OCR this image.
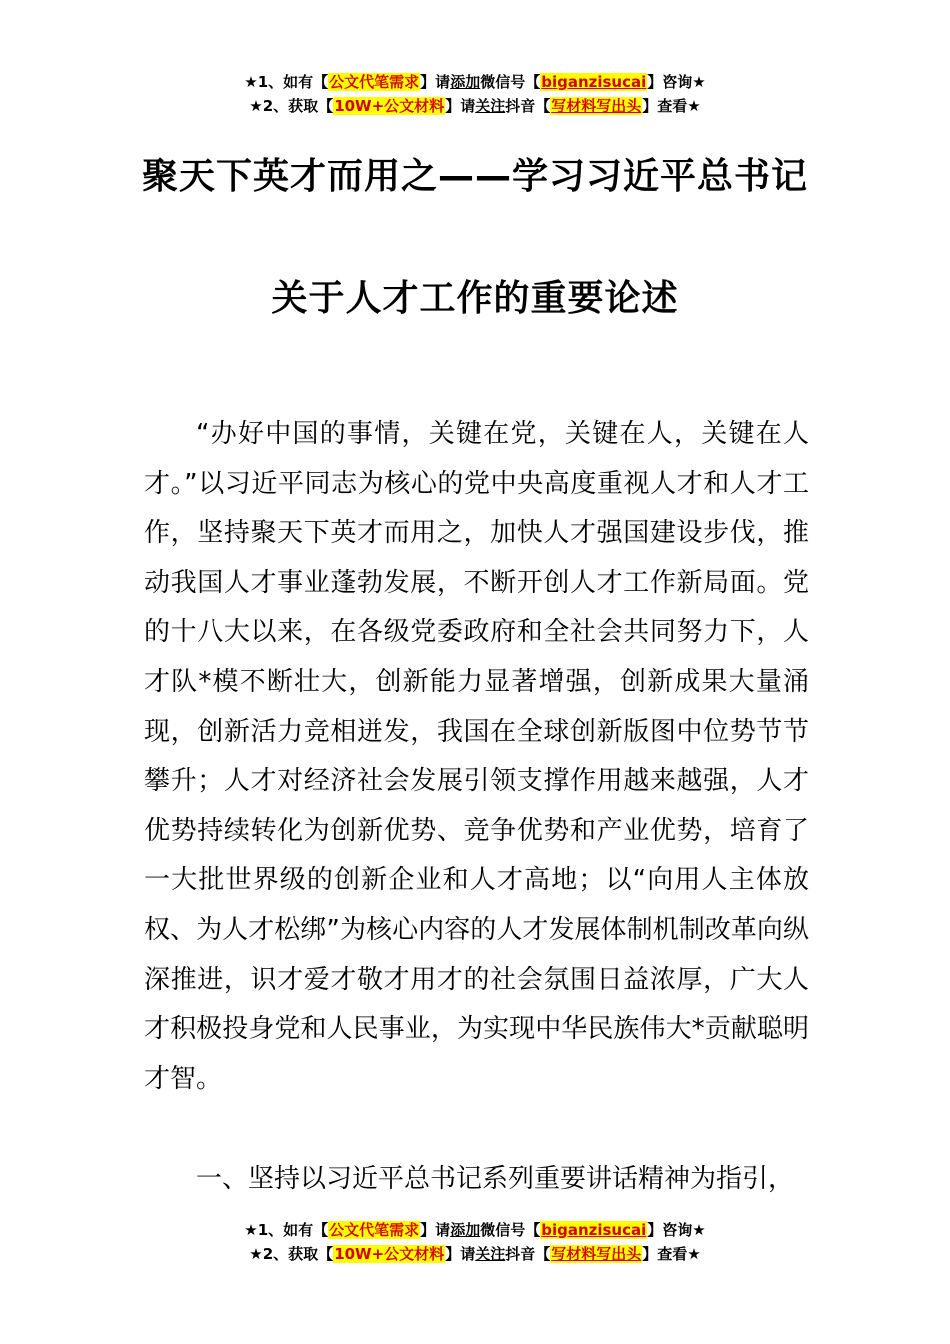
★1、如有【公文代笔需求】请添加微信号【biganzisucai】咨询★
★2、获取【10W+公文材料】请关注抖音【写材料写出头】查看★
聚天下英才而用之——学习习近平总书记
关于人才工作的重要论述

“办好中国的事情，关键在党，关键在人，关键在人才。”以习近平同志为核心的党中央高度重视人才和人才工作，坚持聚天下英才而用之，加快人才强国建设步伐，推动我国人才事业蓬勃发展，不断开创人才工作新局面。党的十八大以来，在各级党委政府和全社会共同努力下，人才队*模不断壮大，创新能力显著增强，创新成果大量涌现，创新活力竞相迸发，我国在全球创新版图中位势节节攀升；人才对经济社会发展引领支撑作用越来越强，人才优势持续转化为创新优势、竞争优势和产业优势，培育了一大批世界级的创新企业和人才高地；以“向用人主体放权、为人才松绑”为核心内容的人才发展体制机制改革向纵深推进，识才爱才敬才用才的社会氛围日益浓厚，广大人才积极投身党和人民事业，为实现中华民族伟大*贡献聪明才智。

一、坚持以习近平总书记系列重要讲话精神为指引，
★1、如有【公文代笔需求】请添加微信号【biganzisucai】咨询★
★2、获取【10W+公文材料】请关注抖音【写材料写出头】查看★
